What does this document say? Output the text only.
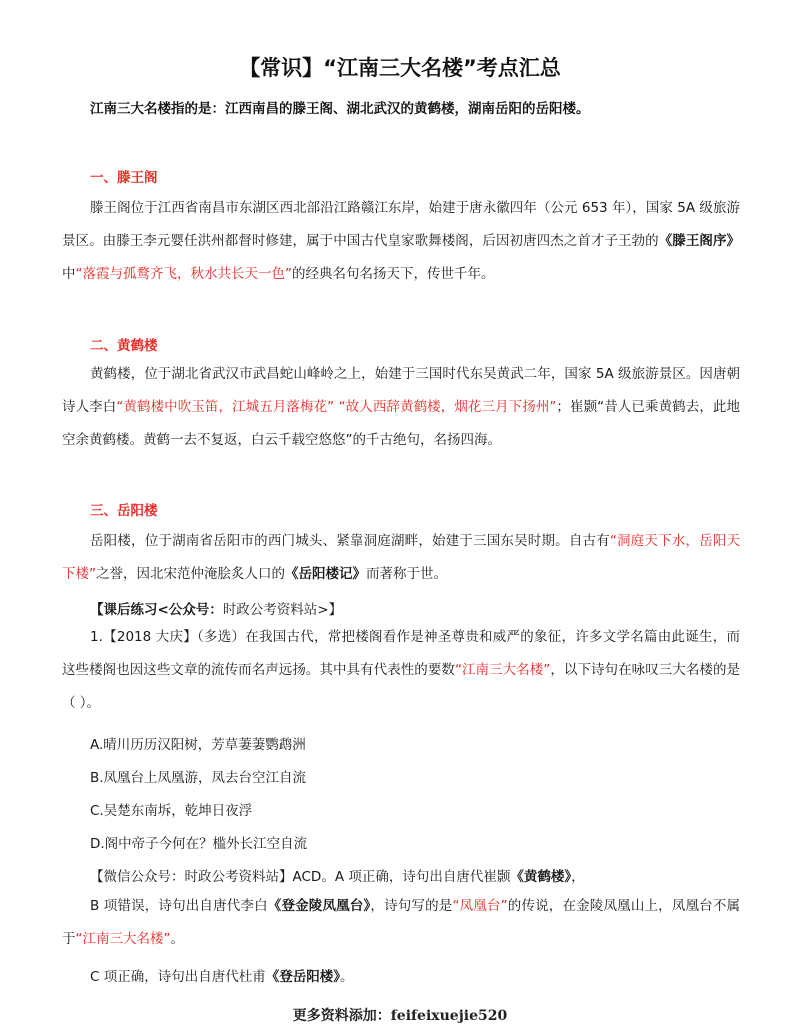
【常识】“江南三大名楼”考点汇总
江南三大名楼指的是：江西南昌的滕王阁、湖北武汉的黄鹤楼，湖南岳阳的岳阳楼。
一、滕王阁
滕王阁位于江西省南昌市东湖区西北部沿江路赣江东岸，始建于唐永徽四年（公元 653 年），国家 5A 级旅游景区。由滕王李元婴任洪州都督时修建，属于中国古代皇家歌舞楼阁，后因初唐四杰之首才子王勃的《滕王阁序》中“落霞与孤鹜齐飞，秋水共长天一色”的经典名句名扬天下，传世千年。
二、黄鹤楼
黄鹤楼，位于湖北省武汉市武昌蛇山峰岭之上，始建于三国时代东吴黄武二年，国家 5A 级旅游景区。因唐朝诗人李白“黄鹤楼中吹玉笛，江城五月落梅花” “故人西辞黄鹤楼，烟花三月下扬州”；崔颢“昔人已乘黄鹤去，此地空余黄鹤楼。黄鹤一去不复返，白云千载空悠悠”的千古绝句，名扬四海。
三、岳阳楼
岳阳楼，位于湖南省岳阳市的西门城头、紧靠洞庭湖畔，始建于三国东吴时期。自古有“洞庭天下水，岳阳天下楼”之誉，因北宋范仲淹脍炙人口的《岳阳楼记》而著称于世。
【课后练习<公众号：时政公考资料站>】
1.【2018 大庆】（多选）在我国古代，常把楼阁看作是神圣尊贵和威严的象征，许多文学名篇由此诞生，而这些楼阁也因这些文章的流传而名声远扬。其中具有代表性的要数“江南三大名楼”，以下诗句在咏叹三大名楼的是（ ）。
A.晴川历历汉阳树，芳草萋萋鹦鹉洲
B.凤凰台上凤凰游，凤去台空江自流
C.吴楚东南坼，乾坤日夜浮
D.阁中帝子今何在？槛外长江空自流
【微信公众号：时政公考资料站】ACD。A 项正确，诗句出自唐代崔颢《黄鹤楼》，
B 项错误，诗句出自唐代李白《登金陵凤凰台》，诗句写的是“凤凰台”的传说，在金陵凤凰山上，凤凰台不属于“江南三大名楼”。
C 项正确，诗句出自唐代杜甫《登岳阳楼》。
更多资料添加：feifeixuejie520
